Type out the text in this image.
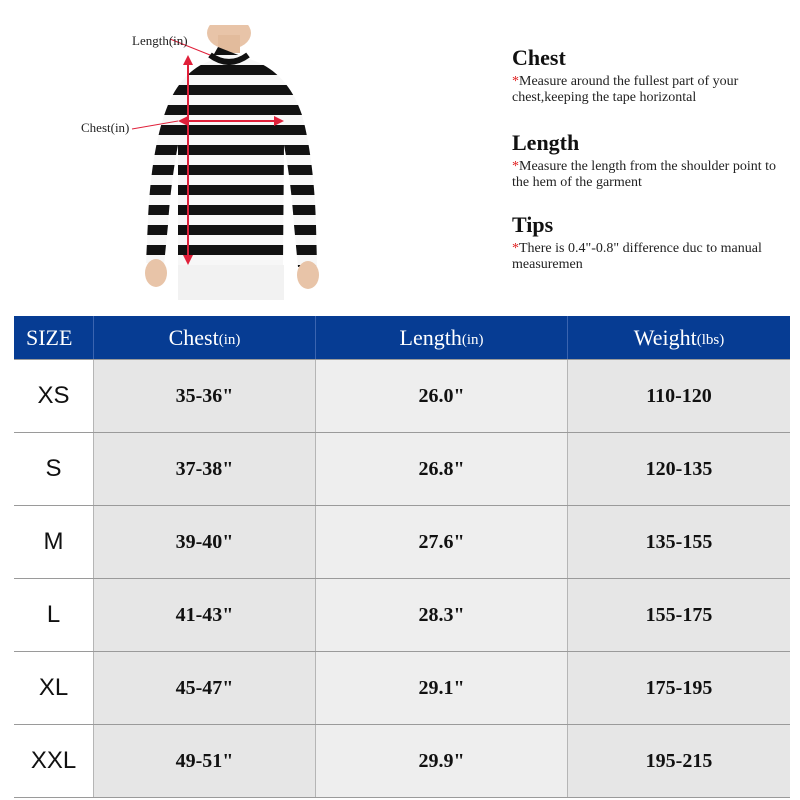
Length(in)
Chest(in)
Chest
*Measure around the fullest part of your chest,keeping the tape horizontal
Length
*Measure the length from the shoulder point to the hem of the garment
Tips
*There is 0.4"-0.8" difference duc to manual measuremen
SIZE	Chest (in)	Length (in)	Weight (lbs)
XS	35-36"	26.0"	110-120
S	37-38"	26.8"	120-135
M	39-40"	27.6"	135-155
L	41-43"	28.3"	155-175
XL	45-47"	29.1"	175-195
XXL	49-51"	29.9"	195-215
